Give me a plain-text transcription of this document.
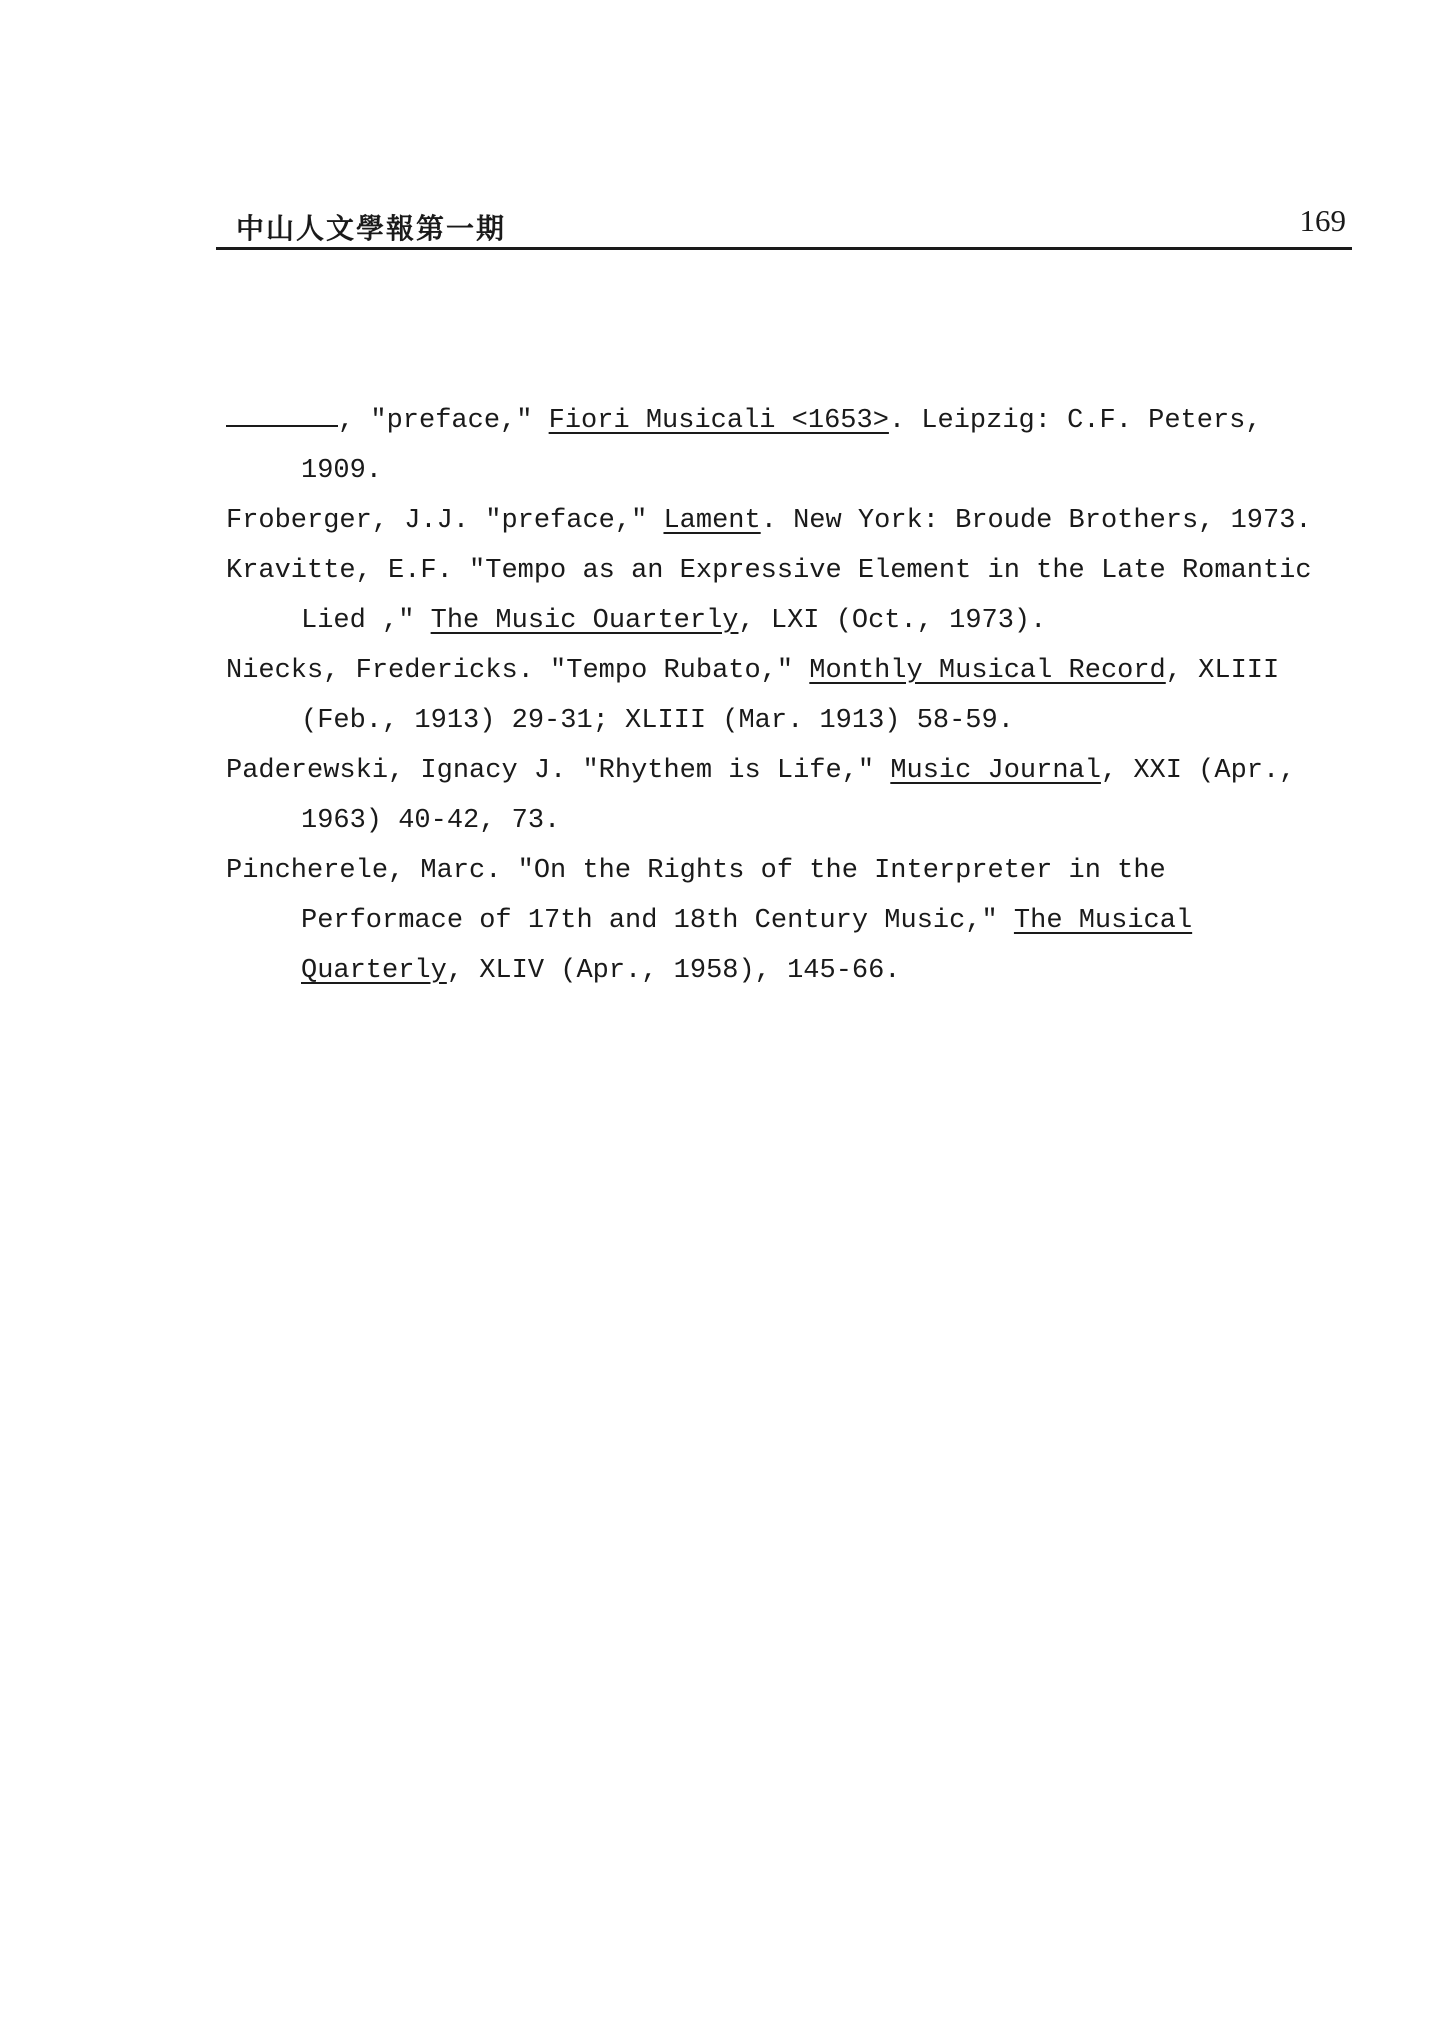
中山人文學報第一期	169
, "preface," Fiori Musicali <1653>. Leipzig: C.F. Peters, 1909.
Froberger, J.J. "preface," Lament. New York: Broude Brothers, 1973.
Kravitte, E.F. "Tempo as an Expressive Element in the Late Romantic Lied ," The Music Ouarterly, LXI (Oct., 1973).
Niecks, Fredericks. "Tempo Rubato," Monthly Musical Record, XLIII (Feb., 1913) 29-31; XLIII (Mar. 1913) 58-59.
Paderewski, Ignacy J. "Rhythem is Life," Music Journal, XXI (Apr., 1963) 40-42, 73.
Pincherele, Marc. "On the Rights of the Interpreter in the Performace of 17th and 18th Century Music," The Musical Quarterly, XLIV (Apr., 1958), 145-66.
